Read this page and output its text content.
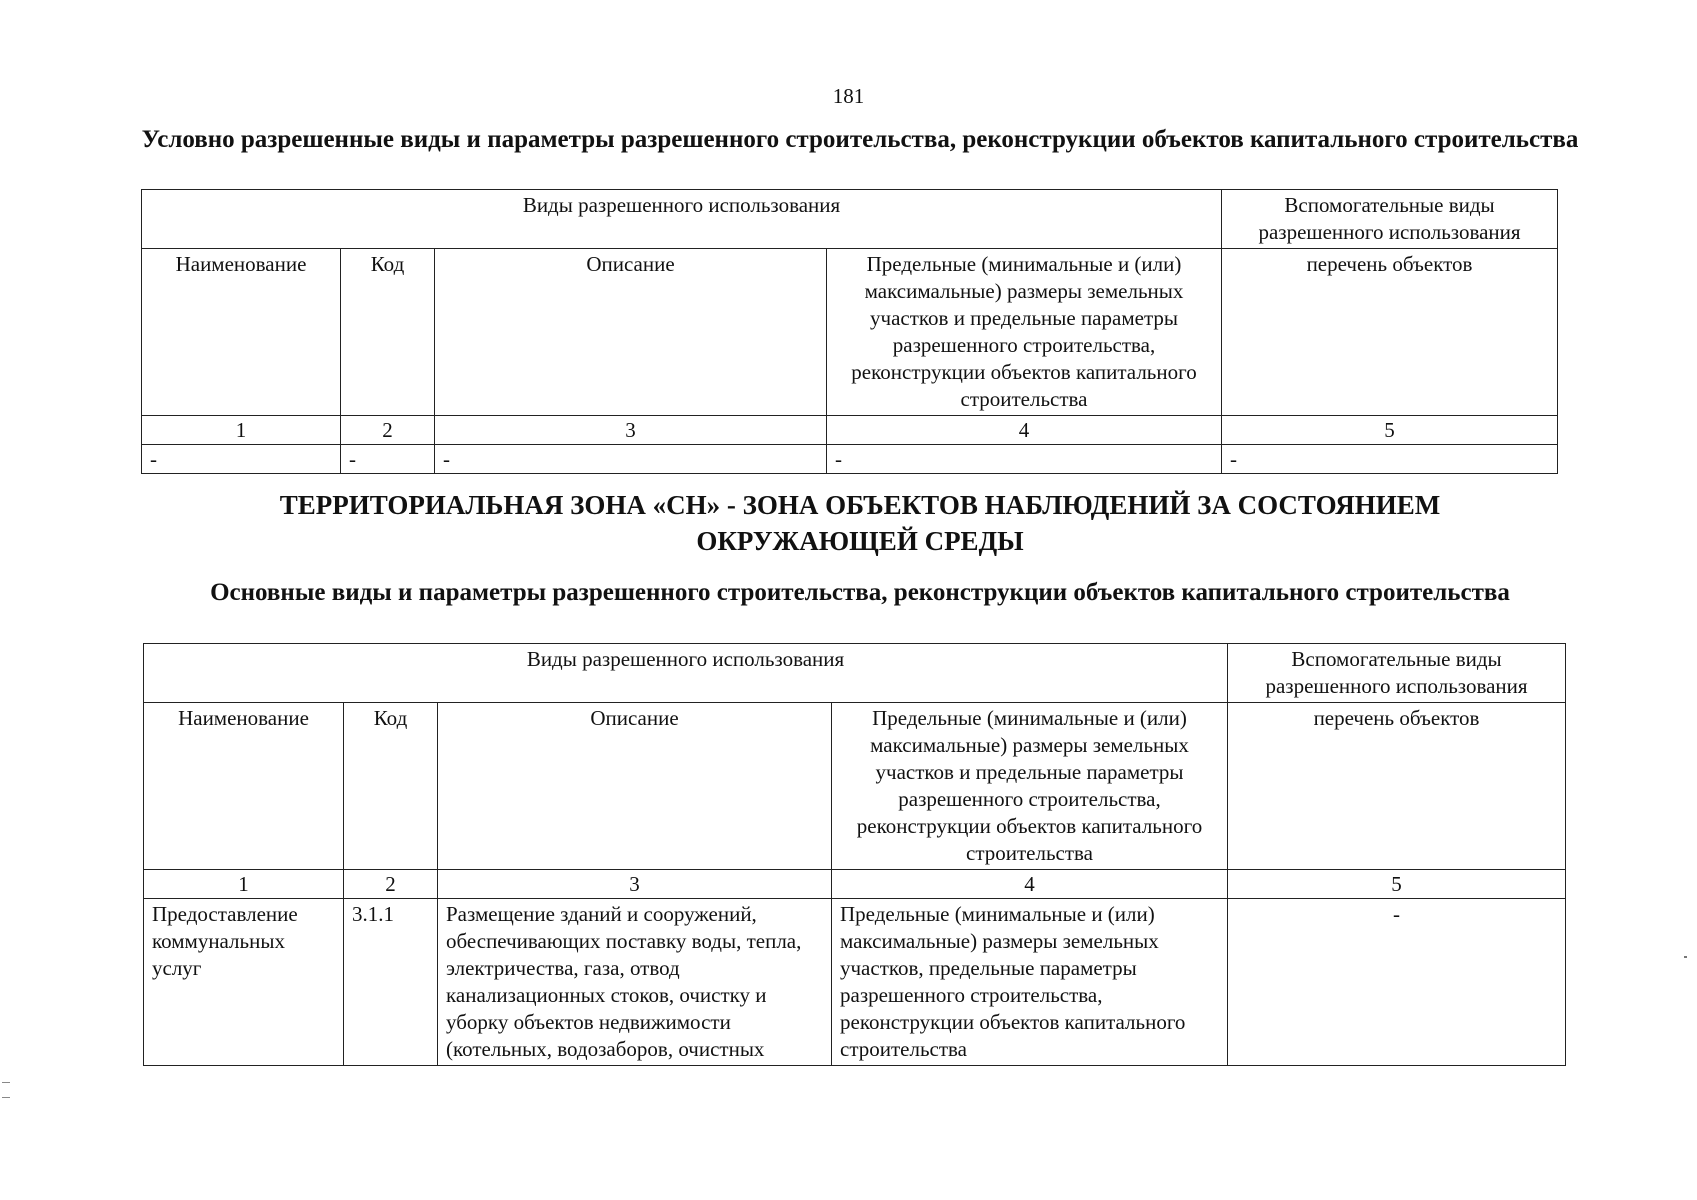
181
Условно разрешенные виды и параметры разрешенного строительства, реконструкции объектов капитального строительства
Виды разрешенного использования				Вспомогательные виды разрешенного использования
Наименование	Код	Описание	Предельные (минимальные и (или) максимальные) размеры земельных участков и предельные параметры разрешенного строительства, реконструкции объектов капитального строительства	перечень объектов
1	2	3	4	5
-	-	-	-	-
ТЕРРИТОРИАЛЬНАЯ ЗОНА «СН» - ЗОНА ОБЪЕКТОВ НАБЛЮДЕНИЙ ЗА СОСТОЯНИЕМ ОКРУЖАЮЩЕЙ СРЕДЫ
Основные виды и параметры разрешенного строительства, реконструкции объектов капитального строительства
Виды разрешенного использования				Вспомогательные виды разрешенного использования
Наименование	Код	Описание	Предельные (минимальные и (или) максимальные) размеры земельных участков и предельные параметры разрешенного строительства, реконструкции объектов капитального строительства	перечень объектов
1	2	3	4	5
Предоставление коммунальных услуг	3.1.1	Размещение зданий и сооружений, обеспечивающих поставку воды, тепла, электричества, газа, отвод канализационных стоков, очистку и уборку объектов недвижимости (котельных, водозаборов, очистных	Предельные (минимальные и (или) максимальные) размеры земельных участков, предельные параметры разрешенного строительства, реконструкции объектов капитального строительства	-
